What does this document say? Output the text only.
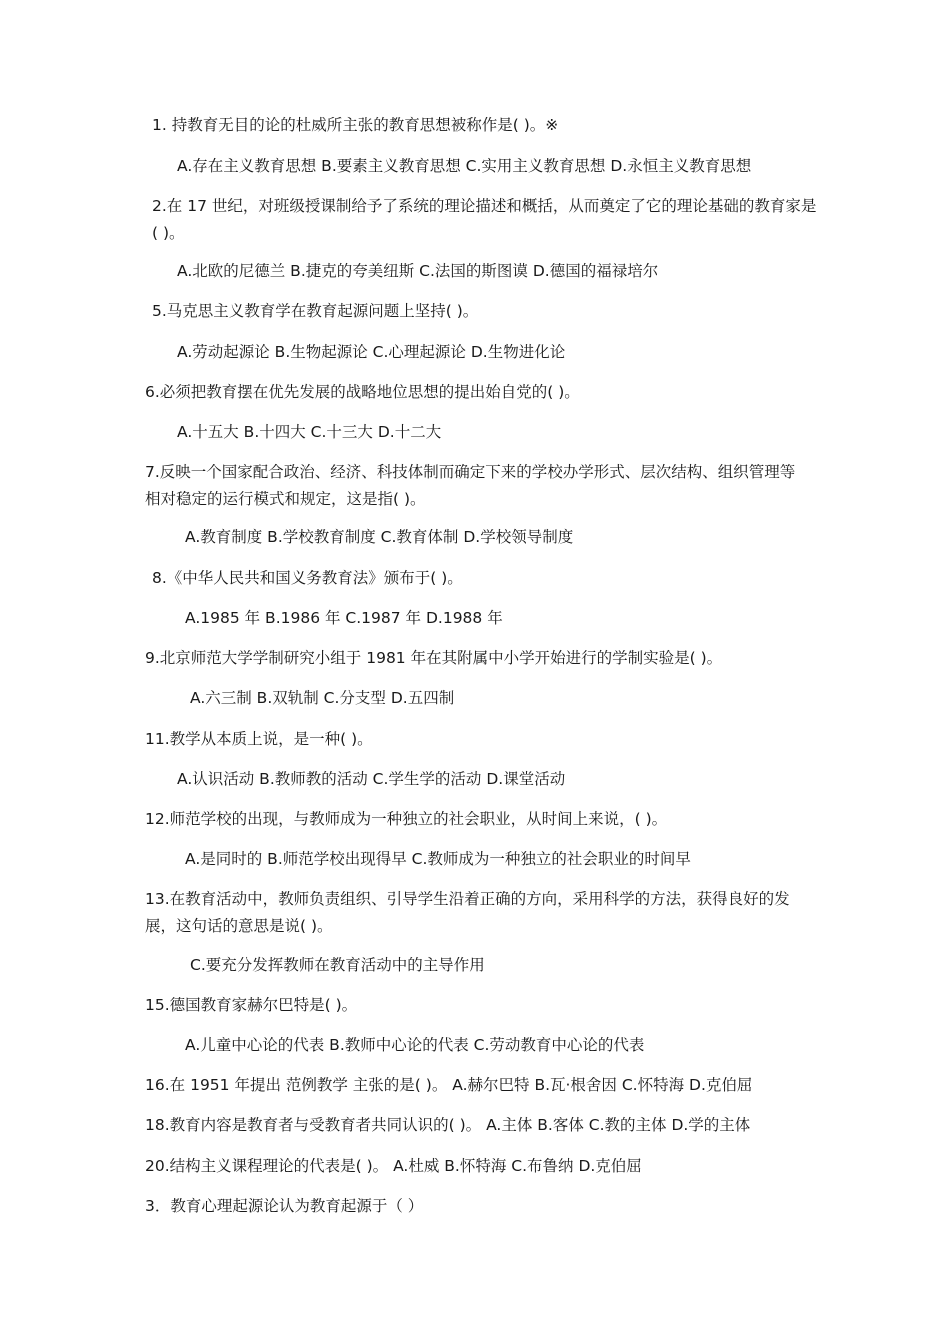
1. 持教育无目的论的杜威所主张的教育思想被称作是( )。※
A.存在主义教育思想 B.要素主义教育思想 C.实用主义教育思想 D.永恒主义教育思想
2.在 17 世纪，对班级授课制给予了系统的理论描述和概括，从而奠定了它的理论基础的教育家是( )。
A.北欧的尼德兰 B.捷克的夸美纽斯 C.法国的斯图谟 D.德国的福禄培尔
5.马克思主义教育学在教育起源问题上坚持( )。
A.劳动起源论 B.生物起源论 C.心理起源论 D.生物进化论
6.必须把教育摆在优先发展的战略地位思想的提出始自党的( )。
A.十五大 B.十四大 C.十三大 D.十二大
7.反映一个国家配合政治、经济、科技体制而确定下来的学校办学形式、层次结构、组织管理等相对稳定的运行模式和规定，这是指( )。
A.教育制度 B.学校教育制度 C.教育体制 D.学校领导制度
8.《中华人民共和国义务教育法》颁布于( )。
A.1985 年 B.1986 年 C.1987 年 D.1988 年
9.北京师范大学学制研究小组于 1981 年在其附属中小学开始进行的学制实验是( )。
A.六三制 B.双轨制 C.分支型 D.五四制
11.教学从本质上说，是一种( )。
A.认识活动 B.教师教的活动 C.学生学的活动 D.课堂活动
12.师范学校的出现，与教师成为一种独立的社会职业，从时间上来说，( )。
A.是同时的 B.师范学校出现得早 C.教师成为一种独立的社会职业的时间早
13.在教育活动中，教师负责组织、引导学生沿着正确的方向，采用科学的方法，获得良好的发展，这句话的意思是说( )。
C.要充分发挥教师在教育活动中的主导作用
15.德国教育家赫尔巴特是( )。
A.儿童中心论的代表 B.教师中心论的代表 C.劳动教育中心论的代表
16.在 1951 年提出 范例教学 主张的是( )。 A.赫尔巴特 B.瓦·根舍因 C.怀特海 D.克伯屈
18.教育内容是教育者与受教育者共同认识的( )。 A.主体 B.客体 C.教的主体 D.学的主体
20.结构主义课程理论的代表是( )。 A.杜威 B.怀特海 C.布鲁纳 D.克伯屈
3．教育心理起源论认为教育起源于（ ）
